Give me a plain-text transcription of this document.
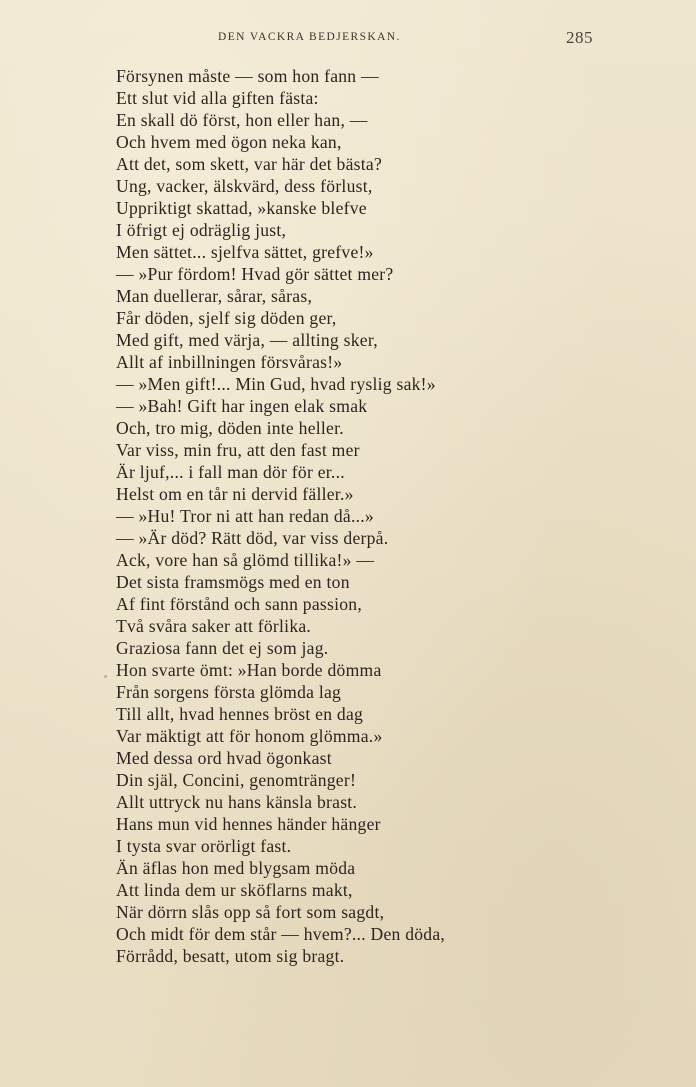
DEN VACKRA BEDJERSKAN.	285
Försynen måste — som hon fann —
Ett slut vid alla giften fästa:
En skall dö först, hon eller han, —
Och hvem med ögon neka kan,
Att det, som skett, var här det bästa?
Ung, vacker, älskvärd, dess förlust,
Uppriktigt skattad, »kanske blefve
I öfrigt ej odräglig just,
Men sättet... sjelfva sättet, grefve!»
— »Pur fördom! Hvad gör sättet mer?
Man duellerar, sårar, såras,
Får döden, sjelf sig döden ger,
Med gift, med värja, — allting sker,
Allt af inbillningen försvåras!»
— »Men gift!... Min Gud, hvad ryslig sak!»
— »Bah! Gift har ingen elak smak
Och, tro mig, döden inte heller.
Var viss, min fru, att den fast mer
Är ljuf,... i fall man dör för er...
Helst om en tår ni dervid fäller.»
— »Hu! Tror ni att han redan då...»
— »Är död? Rätt död, var viss derpå.
Ack, vore han så glömd tillika!» —
Det sista framsmögs med en ton
Af fint förstånd och sann passion,
Två svåra saker att förlika.
Graziosa fann det ej som jag.
Hon svarte ömt: »Han borde dömma
Från sorgens första glömda lag
Till allt, hvad hennes bröst en dag
Var mäktigt att för honom glömma.»
Med dessa ord hvad ögonkast
Din själ, Concini, genomtränger!
Allt uttryck nu hans känsla brast.
Hans mun vid hennes händer hänger
I tysta svar orörligt fast.
Än äflas hon med blygsam möda
Att linda dem ur sköflarns makt,
När dörrn slås opp så fort som sagdt,
Och midt för dem står — hvem?... Den döda,
Förrådd, besatt, utom sig bragt.
